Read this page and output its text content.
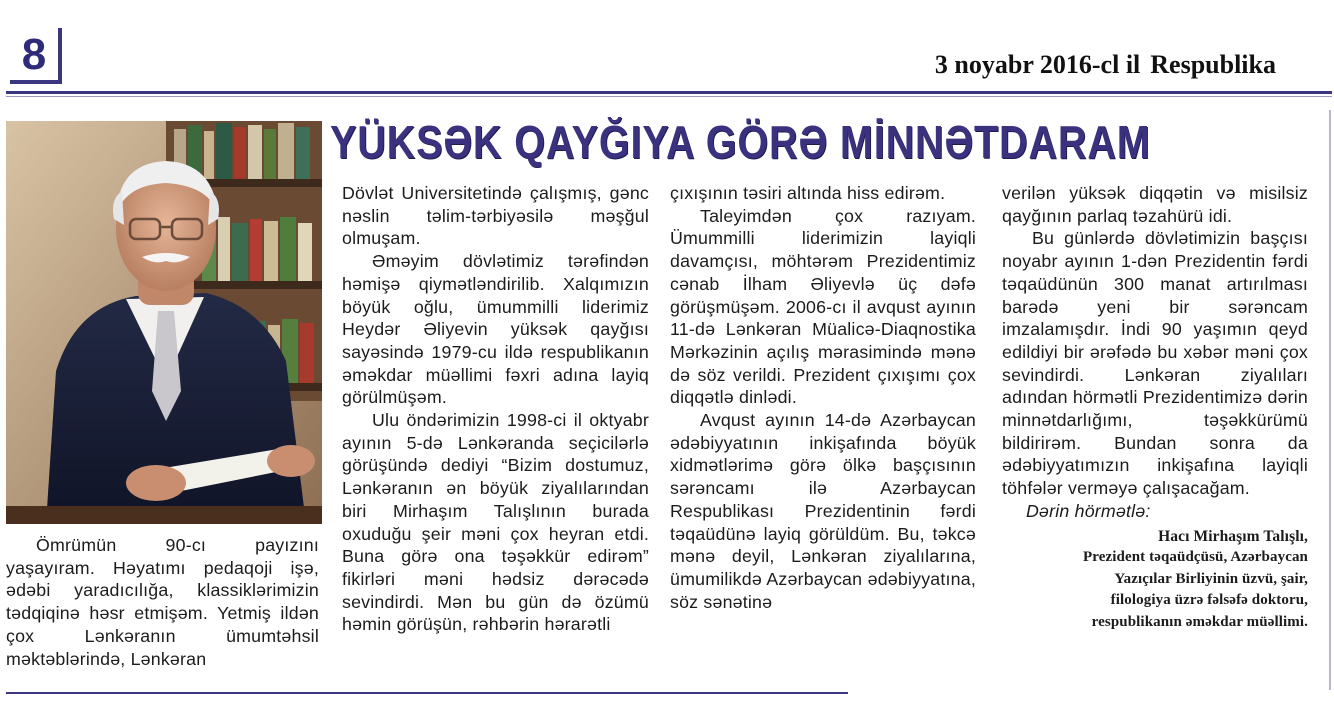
8	3 noyabr 2016-cl il Respublika
YÜKSƏK QAYĞIYA GÖRƏ MİNNƏTDARAM

Ömrümün 90-cı payızını yaşayıram. Həyatımı pedaqoji işə, ədəbi yaradıcılığa, klassiklərimizin tədqiqinə həsr etmişəm. Yetmiş ildən çox Lənkəranın ümumtəhsil məktəblərində, Lənkəran

Dövlət Universitetində çalışmış, gənc nəslin təlim-tərbiyəsilə məşğul olmuşam.

Əməyim dövlətimiz tərəfindən həmişə qiymətləndirilib. Xalqımızın böyük oğlu, ümummilli liderimiz Heydər Əliyevin yüksək qayğısı sayəsində 1979-cu ildə respublikanın əməkdar müəllimi fəxri adına layiq görülmüşəm.

Ulu öndərimizin 1998-ci il oktyabr ayının 5-də Lənkəranda seçicilərlə görüşündə dediyi “Bizim dostumuz, Lənkəranın ən böyük ziyalılarından biri Mirhaşım Talışlının burada oxuduğu şeir məni çox heyran etdi. Buna görə ona təşəkkür edirəm” fikirləri məni hədsiz dərəcədə sevindirdi. Mən bu gün də özümü həmin görüşün, rəhbərin hərarətli

çıxışının təsiri altında hiss edirəm.

Taleyimdən çox razıyam. Ümummilli liderimizin layiqli davamçısı, möhtərəm Prezidentimiz cənab İlham Əliyevlə üç dəfə görüşmüşəm. 2006-cı il avqust ayının 11-də Lənkəran Müalicə-Diaqnostika Mərkəzinin açılış mərasimində mənə də söz verildi. Prezident çıxışımı çox diqqətlə dinlədi.

Avqust ayının 14-də Azərbaycan ədəbiyyatının inkişafında böyük xidmətlərimə görə ölkə başçısının sərəncamı ilə Azərbaycan Respublikası Prezidentinin fərdi təqaüdünə layiq görüldüm. Bu, təkcə mənə deyil, Lənkəran ziyalılarına, ümumilikdə Azərbaycan ədəbiyyatına, söz sənətinə

verilən yüksək diqqətin və misilsiz qayğının parlaq təzahürü idi.

Bu günlərdə dövlətimizin başçısı noyabr ayının 1-dən Prezidentin fərdi təqaüdünün 300 manat artırılması barədə yeni bir sərəncam imzalamışdır. İndi 90 yaşımın qeyd edildiyi bir ərəfədə bu xəbər məni çox sevindirdi. Lənkəran ziyalıları adından hörmətli Prezidentimizə dərin minnətdarlığımı, təşəkkürümü bildirirəm. Bundan sonra da ədəbiyyatımızın inkişafına layiqli töhfələr verməyə çalışacağam.

Dərin hörmətlə:

Hacı Mirhaşım Talışlı,
Prezident təqaüdçüsü, Azərbaycan
Yazıçılar Birliyinin üzvü, şair,
filologiya üzrə fəlsəfə doktoru,
respublikanın əməkdar müəllimi.
